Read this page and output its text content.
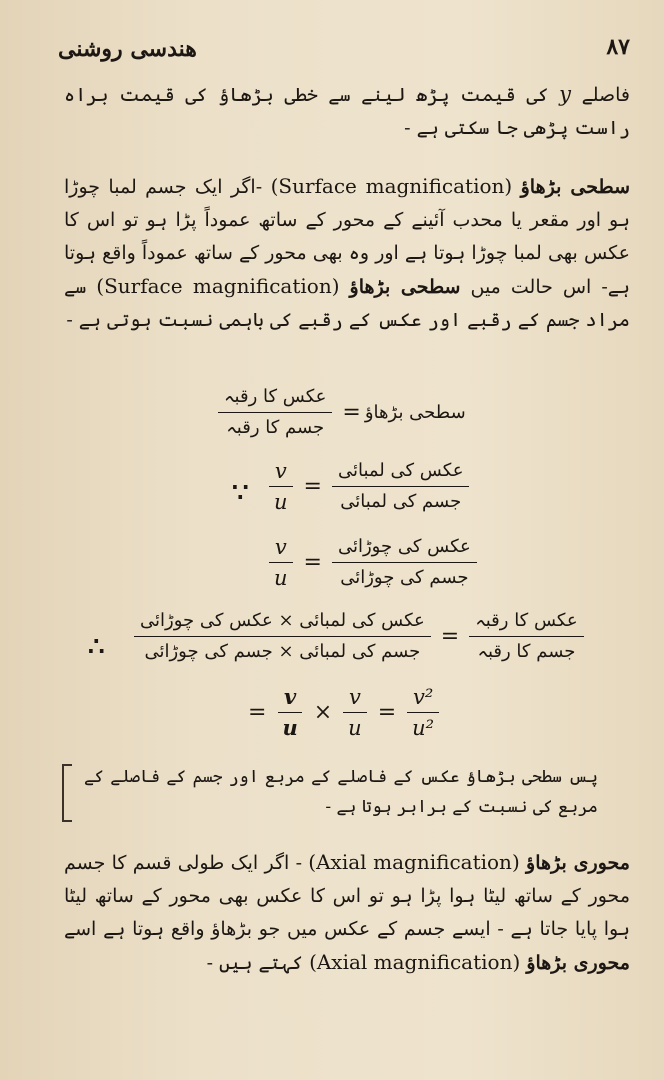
هندسی روشنی	۸۷
فاصلے y کی قیمت پڑھ لینے سے خطی بڑھاؤ کی قیمت براہ راست پڑھی جا سکتی ہے -
سطحی بڑھاؤ (Surface magnification) -اگر ایک جسم لمبا چوڑا ہو اور مقعر یا محدب آئینے کے محور کے ساتھ عموداً پڑا ہو تو اس کا عکس بھی لمبا چوڑا ہوتا ہے اور وہ بھی محور کے ساتھ عموداً واقع ہوتا ہے- اس حالت میں سطحی بڑھاؤ (Surface magnification) سے مراد جسم کے رقبے اور عکس کے رقبے کی باہمی نسبت ہوتی ہے -
سطحی بڑھاؤ
=
$\frac{\text{عکس کا رقبہ}}{\text{جسم کا رقبہ}}$
∵	$\frac{\text{عکس کی لمبائی}}{\text{جسم کی لمبائی}}$
=
$\frac{v}{u}$
$\frac{\text{عکس کی چوڑائی}}{\text{جسم کی چوڑائی}}$
=
$\frac{v}{u}$
∴	$\frac{\text{عکس کا رقبہ}}{\text{جسم کا رقبہ}}$
=
$\frac{\text{عکس کی لمبائی × عکس کی چوڑائی}}{\text{جسم کی لمبائی × جسم کی چوڑائی}}$
= $\frac{v}{u} \times \frac{v}{u} = \frac{\text{v²}}{\text{u²}}$
پس سطحی بڑھاؤ عکس کے فاصلے کے مربع اور جسم کے فاصلے کے مربع کی نسبت کے برابر ہوتا ہے -
محوری بڑھاؤ (Axial magnification) - اگر ایک طولی قسم کا جسم محور کے ساتھ لیٹا ہوا پڑا ہو تو اس کا عکس بھی محور کے ساتھ لیٹا ہوا پایا جاتا ہے - ایسے جسم کے عکس میں جو بڑھاؤ واقع ہوتا ہے اسے محوری بڑھاؤ (Axial magnification) کہتے ہیں -
